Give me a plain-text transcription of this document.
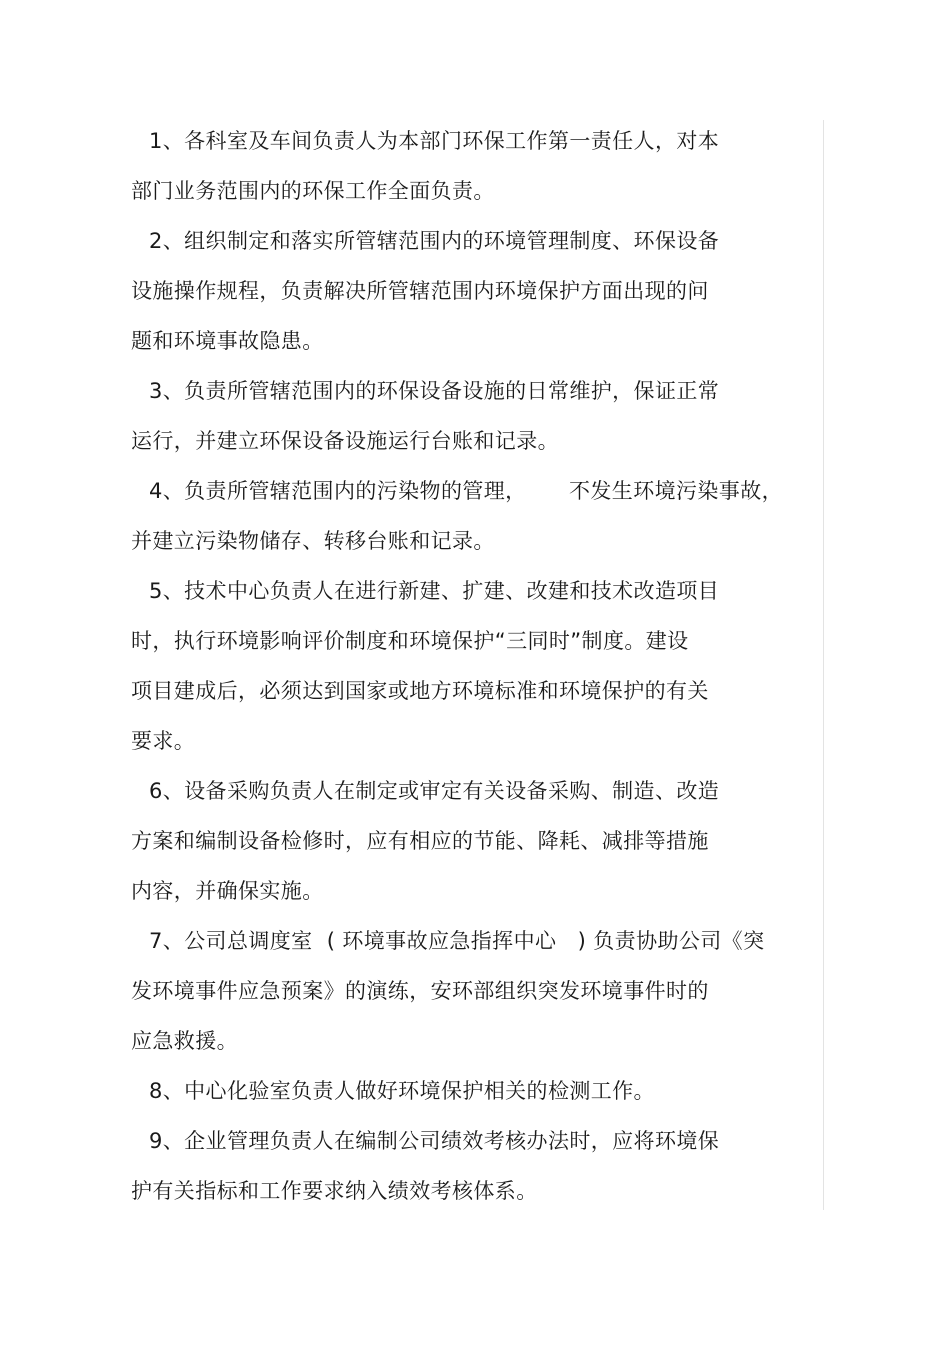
1、各科室及车间负责人为本部门环保工作第一责任人，对本
部门业务范围内的环保工作全面负责。
2、组织制定和落实所管辖范围内的环境管理制度、环保设备
设施操作规程，负责解决所管辖范围内环境保护方面出现的问
题和环境事故隐患。
3、负责所管辖范围内的环保设备设施的日常维护，保证正常
运行，并建立环保设备设施运行台账和记录。
4、负责所管辖范围内的污染物的管理，      不发生环境污染事故，
并建立污染物储存、转移台账和记录。
5、技术中心负责人在进行新建、扩建、改建和技术改造项目
时，执行环境影响评价制度和环境保护“三同时”制度。建设
项目建成后，必须达到国家或地方环境标准和环境保护的有关
要求。
6、设备采购负责人在制定或审定有关设备采购、制造、改造
方案和编制设备检修时，应有相应的节能、降耗、减排等措施
内容，并确保实施。
7、公司总调度室  ( 环境事故应急指挥中心   ) 负责协助公司《突
发环境事件应急预案》的演练，安环部组织突发环境事件时的
应急救援。
8、中心化验室负责人做好环境保护相关的检测工作。
9、企业管理负责人在编制公司绩效考核办法时，应将环境保
护有关指标和工作要求纳入绩效考核体系。
